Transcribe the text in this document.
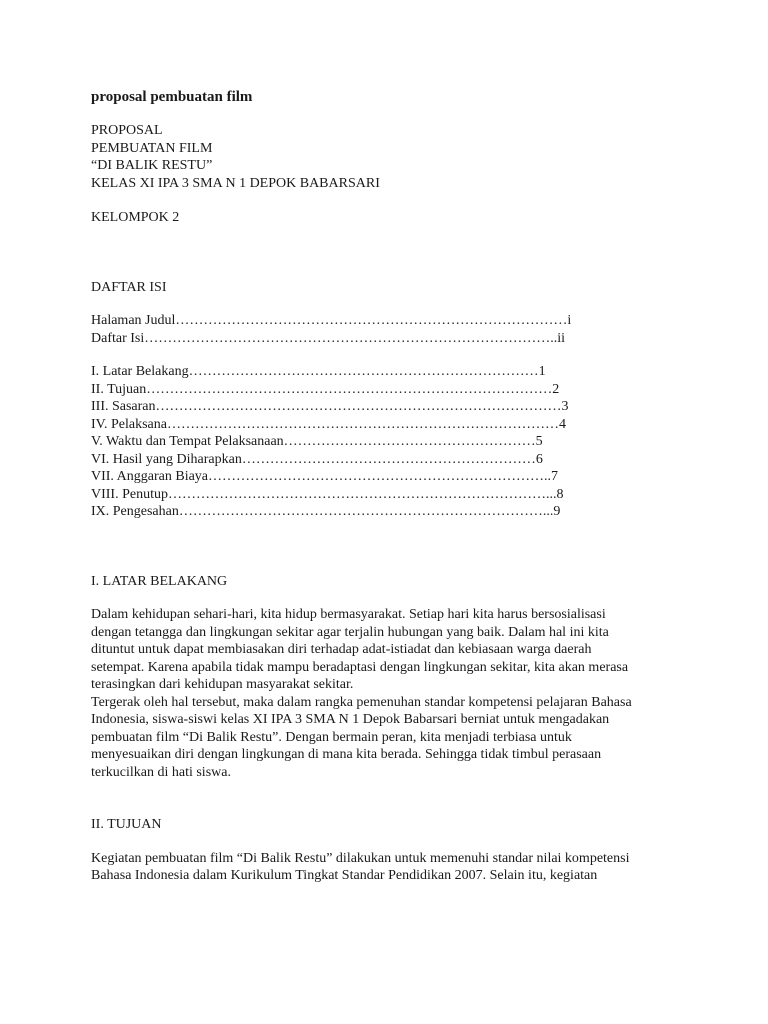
proposal pembuatan film
PROPOSAL
PEMBUATAN FILM
“DI BALIK RESTU”
KELAS XI IPA 3 SMA N 1 DEPOK BABARSARI
KELOMPOK 2
DAFTAR ISI
Halaman Judul…………………………………………………………………………i
Daftar Isi……………………………………………………………………………..ii
I. Latar Belakang…………………………………………………………………1
II. Tujuan……………………………………………………………………………2
III. Sasaran……………………………………………………………………………3
IV. Pelaksana…………………………………………………………………………4
V. Waktu dan Tempat Pelaksanaan………………………………………………5
VI. Hasil yang Diharapkan………………………………………………………6
VII. Anggaran Biaya………………………………………………………………..7
VIII. Penutup………………………………………………………………………...8
IX. Pengesahan……………………………………………………………………...9
I. LATAR BELAKANG
Dalam kehidupan sehari-hari, kita hidup bermasyarakat. Setiap hari kita harus bersosialisasi
dengan tetangga dan lingkungan sekitar agar terjalin hubungan yang baik. Dalam hal ini kita
dituntut untuk dapat membiasakan diri terhadap adat-istiadat dan kebiasaan warga daerah
setempat. Karena apabila tidak mampu beradaptasi dengan lingkungan sekitar, kita akan merasa
terasingkan dari kehidupan masyarakat sekitar.
Tergerak oleh hal tersebut, maka dalam rangka pemenuhan standar kompetensi pelajaran Bahasa
Indonesia, siswa-siswi kelas XI IPA 3 SMA N 1 Depok Babarsari berniat untuk mengadakan
pembuatan film “Di Balik Restu”. Dengan bermain peran, kita menjadi terbiasa untuk
menyesuaikan diri dengan lingkungan di mana kita berada. Sehingga tidak timbul perasaan
terkucilkan di hati siswa.
II. TUJUAN
Kegiatan pembuatan film “Di Balik Restu” dilakukan untuk memenuhi standar nilai kompetensi
Bahasa Indonesia dalam Kurikulum Tingkat Standar Pendidikan 2007. Selain itu, kegiatan
